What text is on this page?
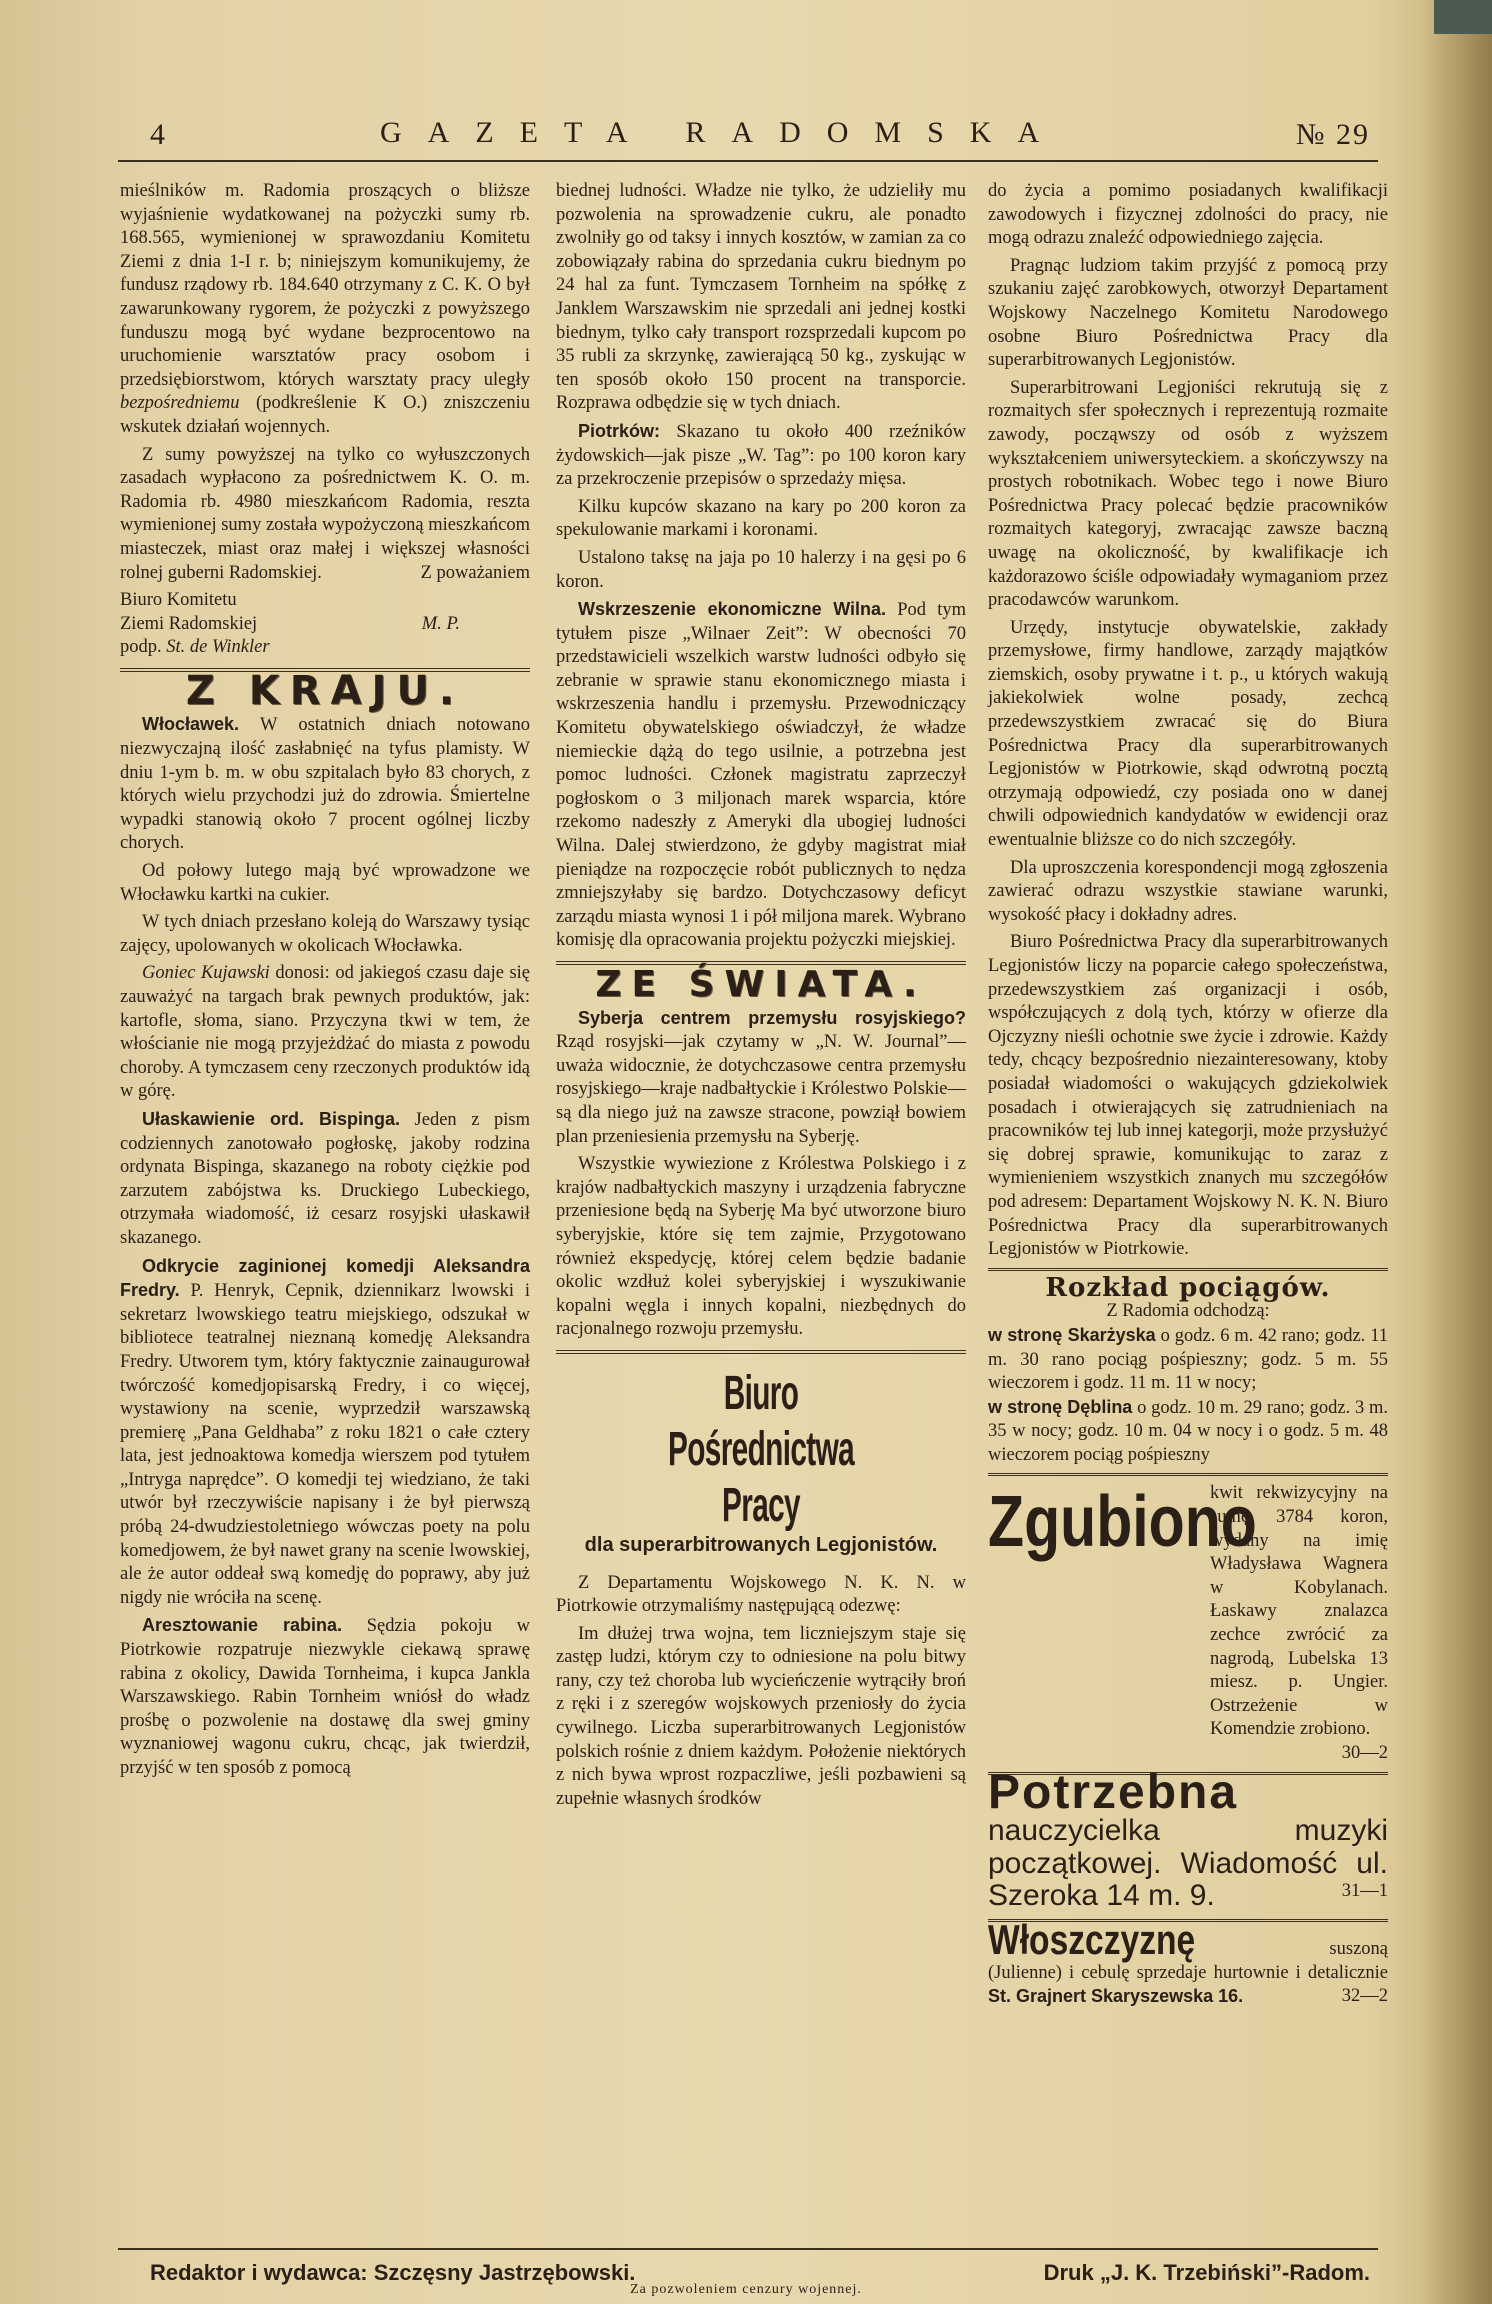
4	GAZETA RADOMSKA	№ 29

mieślników m. Radomia proszących o bliższe wyjaśnienie wydatkowanej na pożyczki sumy rb. 168.565, wymienionej w sprawozdaniu Komitetu Ziemi z dnia 1-I r. b; niniejszym komunikujemy, że fundusz rządowy rb. 184.640 otrzymany z C. K. O był zawarunkowany rygorem, że pożyczki z powyższego funduszu mogą być wydane bezprocentowo na uruchomienie warsztatów pracy osobom i przedsiębiorstwom, których warsztaty pracy uległy bezpośredniemu (podkreślenie K O.) zniszczeniu wskutek działań wojennych.

Z sumy powyższej na tylko co wyłuszczonych zasadach wypłacono za pośrednictwem K. O. m. Radomia rb. 4980 mieszkańcom Radomia, reszta wymienionej sumy została wypożyczoną mieszkańcom miasteczek, miast oraz małej i większej własności rolnej guberni Radomskiej.	Z poważaniem

Biuro Komitetu
Ziemi Radomskiej	M. P.
podp. St. de Winkler
Z KRAJU.

Włocławek. W ostatnich dniach notowano niezwyczajną ilość zasłabnięć na tyfus plamisty. W dniu 1-ym b. m. w obu szpitalach było 83 chorych, z których wielu przychodzi już do zdrowia. Śmiertelne wypadki stanowią około 7 procent ogólnej liczby chorych.

Od połowy lutego mają być wprowadzone we Włocławku kartki na cukier.

W tych dniach przesłano koleją do Warszawy tysiąc zajęcy, upolowanych w okolicach Włocławka.

Goniec Kujawski donosi: od jakiegoś czasu daje się zauważyć na targach brak pewnych produktów, jak: kartofle, słoma, siano. Przyczyna tkwi w tem, że włościanie nie mogą przyjeżdżać do miasta z powodu choroby. A tymczasem ceny rzeczonych produktów idą w górę.

Ułaskawienie ord. Bispinga. Jeden z pism codziennych zanotowało pogłoskę, jakoby rodzina ordynata Bispinga, skazanego na roboty ciężkie pod zarzutem zabójstwa ks. Druckiego Lubeckiego, otrzymała wiadomość, iż cesarz rosyjski ułaskawił skazanego.

Odkrycie zaginionej komedji Aleksandra Fredry. P. Henryk, Cepnik, dziennikarz lwowski i sekretarz lwowskiego teatru miejskiego, odszukał w bibliotece teatralnej nieznaną komedję Aleksandra Fredry. Utworem tym, który faktycznie zainaugurował twórczość komedjopisarską Fredry, i co więcej, wystawiony na scenie, wyprzedził warszawską premierę „Pana Geldhaba” z roku 1821 o całe cztery lata, jest jednoaktowa komedja wierszem pod tytułem „Intryga naprędce”. O komedji tej wiedziano, że taki utwór był rzeczywiście napisany i że był pierwszą próbą 24-dwudziestoletniego wówczas poety na polu komedjowem, że był nawet grany na scenie lwowskiej, ale że autor oddeał swą komedję do poprawy, aby już nigdy nie wróciła na scenę.

Aresztowanie rabina. Sędzia pokoju w Piotrkowie rozpatruje niezwykle ciekawą sprawę rabina z okolicy, Dawida Tornheima, i kupca Jankla Warszawskiego. Rabin Tornheim wniósł do władz prośbę o pozwolenie na dostawę dla swej gminy wyznaniowej wagonu cukru, chcąc, jak twierdził, przyjść w ten sposób z pomocą

biednej ludności. Władze nie tylko, że udzieliły mu pozwolenia na sprowadzenie cukru, ale ponadto zwolniły go od taksy i innych kosztów, w zamian za co zobowiązały rabina do sprzedania cukru biednym po 24 hal za funt. Tymczasem Tornheim na spółkę z Janklem Warszawskim nie sprzedali ani jednej kostki biednym, tylko cały transport rozsprzedali kupcom po 35 rubli za skrzynkę, zawierającą 50 kg., zyskując w ten sposób około 150 procent na transporcie. Rozprawa odbędzie się w tych dniach.

Piotrków: Skazano tu około 400 rzeźników żydowskich—jak pisze „W. Tag”: po 100 koron kary za przekroczenie przepisów o sprzedaży mięsa.

Kilku kupców skazano na kary po 200 koron za spekulowanie markami i koronami.

Ustalono taksę na jaja po 10 halerzy i na gęsi po 6 koron.

Wskrzeszenie ekonomiczne Wilna. Pod tym tytułem pisze „Wilnaer Zeit”: W obecności 70 przedstawicieli wszelkich warstw ludności odbyło się zebranie w sprawie stanu ekonomicznego miasta i wskrzeszenia handlu i przemysłu. Przewodniczący Komitetu obywatelskiego oświadczył, że władze niemieckie dążą do tego usilnie, a potrzebna jest pomoc ludności. Członek magistratu zaprzeczył pogłoskom o 3 miljonach marek wsparcia, które rzekomo nadeszły z Ameryki dla ubogiej ludności Wilna. Dalej stwierdzono, że gdyby magistrat miał pieniądze na rozpoczęcie robót publicznych to nędza zmniejszyłaby się bardzo. Dotychczasowy deficyt zarządu miasta wynosi 1 i pół miljona marek. Wybrano komisję dla opracowania projektu pożyczki miejskiej.

ZE ŚWIATA.

Syberja centrem przemysłu rosyjskiego? Rząd rosyjski—jak czytamy w „N. W. Journal”—uważa widocznie, że dotychczasowe centra przemysłu rosyjskiego—kraje nadbałtyckie i Królestwo Polskie—są dla niego już na zawsze stracone, powziął bowiem plan przeniesienia przemysłu na Syberję.

Wszystkie wywiezione z Królestwa Polskiego i z krajów nadbałtyckich maszyny i urządzenia fabryczne przeniesione będą na Syberję Ma być utworzone biuro syberyjskie, które się tem zajmie, Przygotowano również ekspedycję, której celem będzie badanie okolic wzdłuż kolei syberyjskiej i wyszukiwanie kopalni węgla i innych kopalni, niezbędnych do racjonalnego rozwoju przemysłu.

Biuro Pośrednictwa Pracy
dla superarbitrowanych Legjonistów.

Z Departamentu Wojskowego N. K. N. w Piotrkowie otrzymaliśmy następującą odezwę:

Im dłużej trwa wojna, tem liczniejszym staje się zastęp ludzi, którym czy to odniesione na polu bitwy rany, czy też choroba lub wycieńczenie wytrąciły broń z ręki i z szeregów wojskowych przeniosły do życia cywilnego. Liczba superarbitrowanych Legjonistów polskich rośnie z dniem każdym. Położenie niektórych z nich bywa wprost rozpaczliwe, jeśli pozbawieni są zupełnie własnych środków

do życia a pomimo posiadanych kwalifikacji zawodowych i fizycznej zdolności do pracy, nie mogą odrazu znaleźć odpowiedniego zajęcia.

Pragnąc ludziom takim przyjść z pomocą przy szukaniu zajęć zarobkowych, otworzył Departament Wojskowy Naczelnego Komitetu Narodowego osobne Biuro Pośrednictwa Pracy dla superarbitrowanych Legjonistów.

Superarbitrowani Legjoniści rekrutują się z rozmaitych sfer społecznych i reprezentują rozmaite zawody, począwszy od osób z wyższem wykształceniem uniwersyteckiem. a skończywszy na prostych robotnikach. Wobec tego i nowe Biuro Pośrednictwa Pracy polecać będzie pracowników rozmaitych kategoryj, zwracając zawsze baczną uwagę na okoliczność, by kwalifikacje ich każdorazowo ściśle odpowiadały wymaganiom przez pracodawców warunkom.

Urzędy, instytucje obywatelskie, zakłady przemysłowe, firmy handlowe, zarządy majątków ziemskich, osoby prywatne i t. p., u których wakują jakiekolwiek wolne posady, zechcą przedewszystkiem zwracać się do Biura Pośrednictwa Pracy dla superarbitrowanych Legjonistów w Piotrkowie, skąd odwrotną pocztą otrzymają odpowiedź, czy posiada ono w danej chwili odpowiednich kandydatów w ewidencji oraz ewentualnie bliższe co do nich szczegóły.

Dla uproszczenia korespondencji mogą zgłoszenia zawierać odrazu wszystkie stawiane warunki, wysokość płacy i dokładny adres.

Biuro Pośrednictwa Pracy dla superarbitrowanych Legjonistów liczy na poparcie całego społeczeństwa, przedewszystkiem zaś organizacji i osób, współczujących z dolą tych, którzy w ofierze dla Ojczyzny nieśli ochotnie swe życie i zdrowie. Każdy tedy, chcący bezpośrednio niezainteresowany, ktoby posiadał wiadomości o wakujących gdziekolwiek posadach i otwierających się zatrudnieniach na pracowników tej lub innej kategorji, może przysłużyć się dobrej sprawie, komunikując to zaraz z wymienieniem wszystkich znanych mu szczegółów pod adresem: Departament Wojskowy N. K. N. Biuro Pośrednictwa Pracy dla superarbitrowanych Legjonistów w Piotrkowie.

Rozkład pociągów.
Z Radomia odchodzą:
w stronę Skarżyska o godz. 6 m. 42 rano; godz. 11 m. 30 rano pociąg pośpieszny; godz. 5 m. 55 wieczorem i godz. 11 m. 11 w nocy;
w stronę Dęblina o godz. 10 m. 29 rano; godz. 3 m. 35 w nocy; godz. 10 m. 04 w nocy i o godz. 5 m. 48 wieczorem pociąg pośpieszny
Zgubiono
kwit rekwizycyjny na sumę 3784 koron, wydany na imię Władysława Wagnera w Kobylanach. Łaskawy znalazca zechce zwrócić za nagrodą, Lubelska 13 miesz. p. Ungier. Ostrzeżenie w Komendzie zrobiono.
30—2
Potrzebna nauczycielka muzyki początkowej. Wiadomość ul. Szeroka 14 m. 9.	31—1
Włoszczyznę	suszoną (Julienne) i cebulę sprzedaje hurtownie i detalicznie St. Grajnert Skaryszewska 16.	32—2
Redaktor i wydawca: Szczęsny Jastrzębowski.	Druk „J. K. Trzebiński”-Radom.
Za pozwoleniem cenzury wojennej.
